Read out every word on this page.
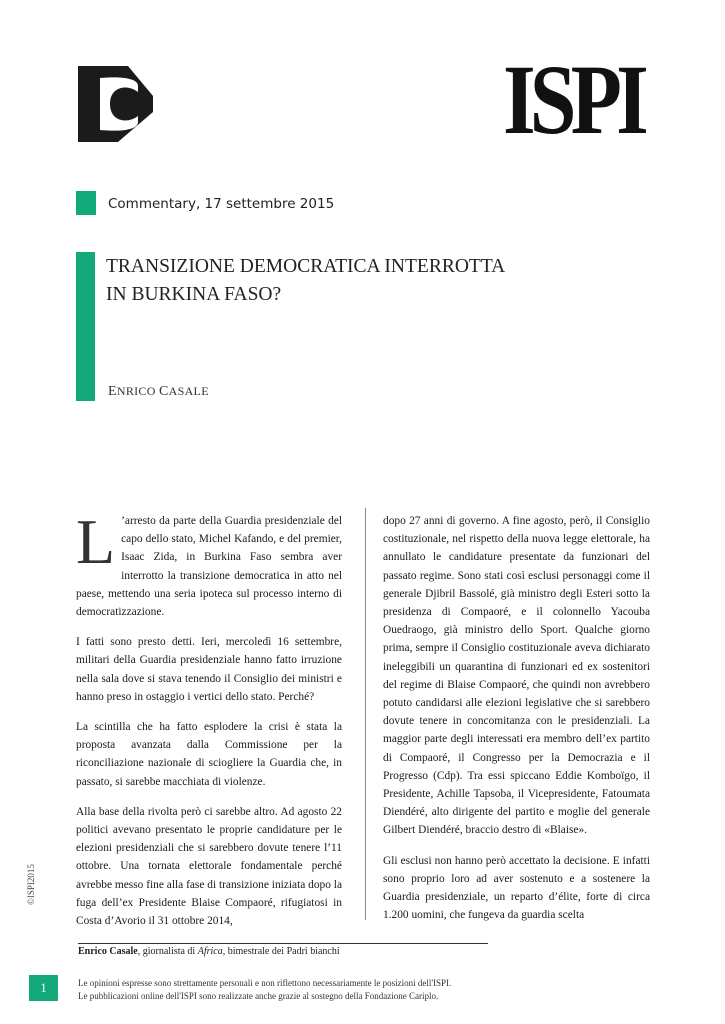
ISPI
Commentary, 17 settembre 2015
TRANSIZIONE DEMOCRATICA INTERROTTA
IN BURKINA FASO?
ENRICO CASALE

L ’arresto da parte della Guardia presidenziale del capo dello stato, Michel Kafando, e del premier, Isaac Zida, in Burkina Faso sembra aver interrotto la transizione democratica in atto nel paese, mettendo una seria ipoteca sul processo interno di democratizzazione.

I fatti sono presto detti. Ieri, mercoledì 16 settembre, militari della Guardia presidenziale hanno fatto irruzione nella sala dove si stava tenendo il Consiglio dei ministri e hanno preso in ostaggio i vertici dello stato. Perché?

La scintilla che ha fatto esplodere la crisi è stata la proposta avanzata dalla Commissione per la riconciliazione nazionale di sciogliere la Guardia che, in passato, si sarebbe macchiata di violenze.

Alla base della rivolta però ci sarebbe altro. Ad agosto 22 politici avevano presentato le proprie candidature per le elezioni presidenziali che si sarebbero dovute tenere l’11 ottobre. Una tornata elettorale fondamentale perché avrebbe messo fine alla fase di transizione iniziata dopo la fuga dell’ex Presidente Blaise Compaoré, rifugiatosi in Costa d’Avorio il 31 ottobre 2014,

dopo 27 anni di governo. A fine agosto, però, il Consiglio costituzionale, nel rispetto della nuova legge elettorale, ha annullato le candidature presentate da funzionari del passato regime. Sono stati così esclusi personaggi come il generale Djibril Bassolé, già ministro degli Esteri sotto la presidenza di Compaoré, e il colonnello Yacouba Ouedraogo, già ministro dello Sport. Qualche giorno prima, sempre il Consiglio costituzionale aveva dichiarato ineleggibili un quarantina di funzionari ed ex sostenitori del regime di Blaise Compaoré, che quindi non avrebbero potuto candidarsi alle elezioni legislative che si sarebbero dovute tenere in concomitanza con le presidenziali. La maggior parte degli interessati era membro dell’ex partito di Compaoré, il Congresso per la Democrazia e il Progresso (Cdp). Tra essi spiccano Eddie Komboïgo, il Presidente, Achille Tapsoba, il Vicepresidente, Fatoumata Diendéré, alto dirigente del partito e moglie del generale Gilbert Diendéré, braccio destro di «Blaise».

Gli esclusi non hanno però accettato la decisione. E infatti sono proprio loro ad aver sostenuto e a sostenere la Guardia presidenziale, un reparto d’élite, forte di circa 1.200 uomini, che fungeva da guardia scelta

©ISPI2015
Enrico Casale, giornalista di Africa, bimestrale dei Padri bianchi
1	Le opinioni espresse sono strettamente personali e non riflettono necessariamente le posizioni dell'ISPI.
Le pubblicazioni online dell'ISPI sono realizzate anche grazie al sostegno della Fondazione Cariplo.
